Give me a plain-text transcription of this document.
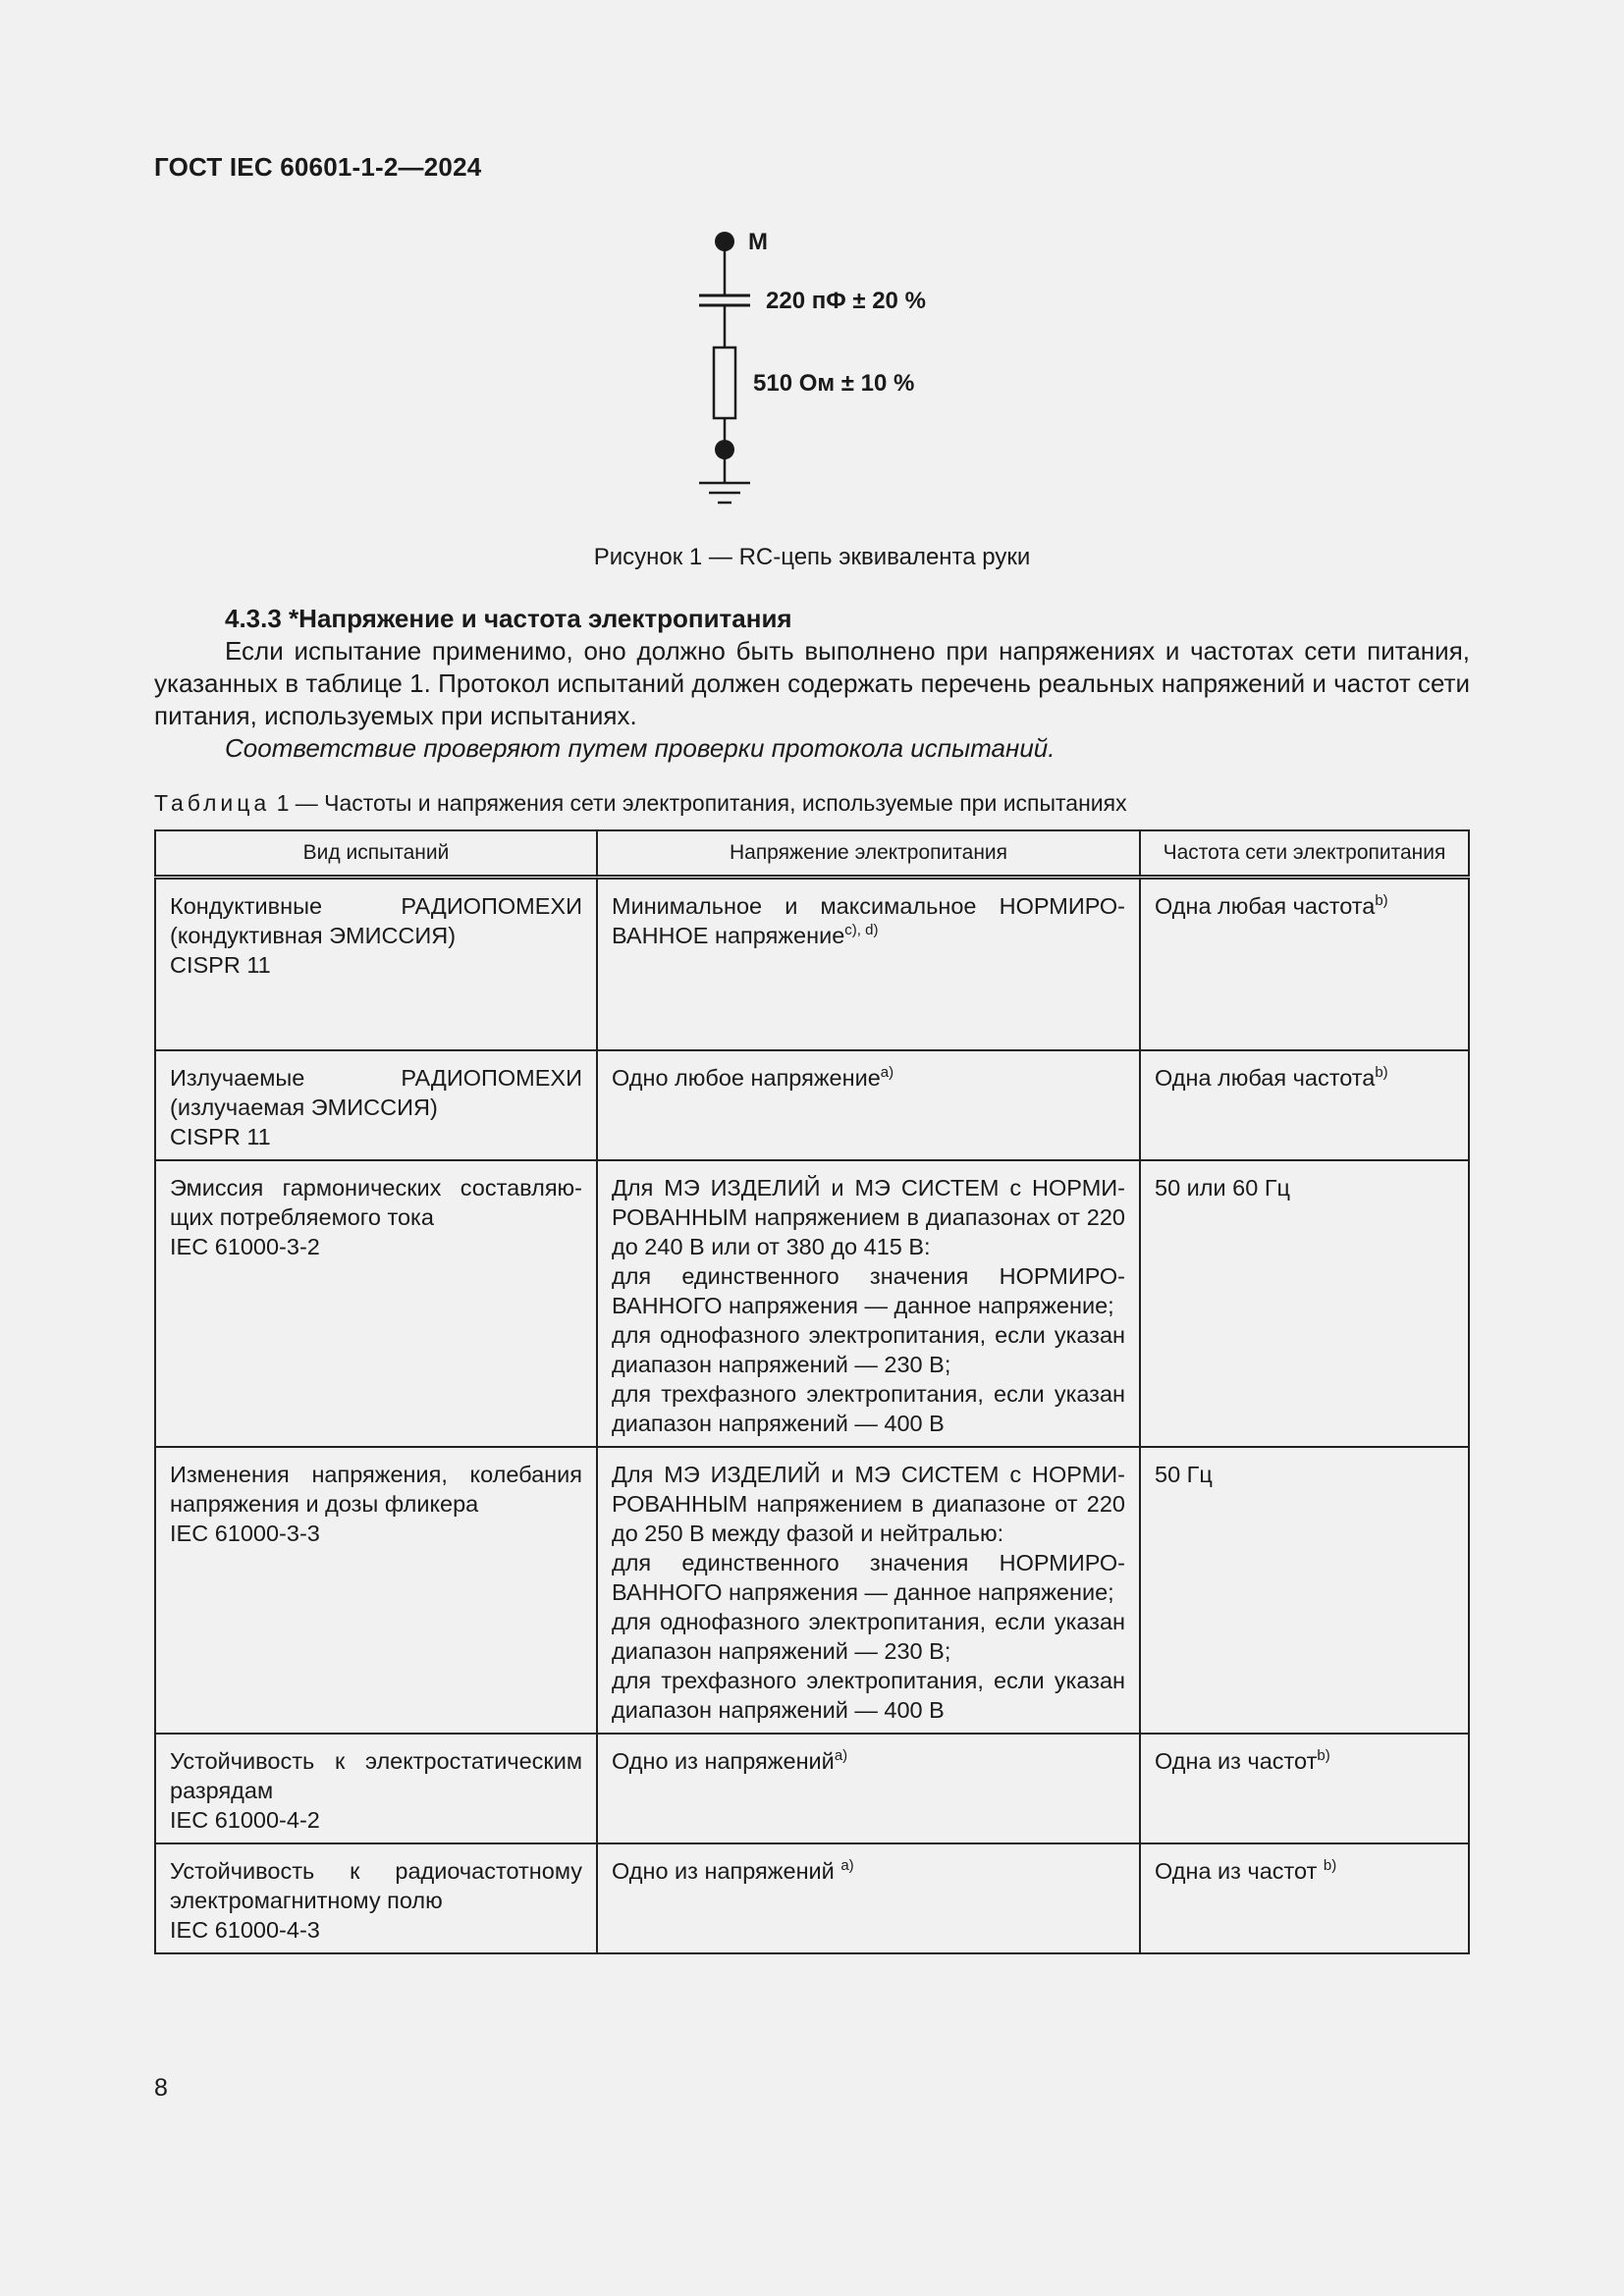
ГОСТ IEC 60601-1-2—2024
M
220 пФ ± 20 %
510 Ом ± 10 %
Рисунок 1 — RC-цепь эквивалента руки

4.3.3 *Напряжение и частота электропитания

Если испытание применимо, оно должно быть выполнено при напряжениях и частотах сети питания, указанных в таблице 1. Протокол испытаний должен содержать перечень реальных напряжений и частот сети питания, используемых при испытаниях.

Соответствие проверяют путем проверки протокола испытаний.

Таблица 1 — Частоты и напряжения сети электропитания, используемые при испытаниях
Вид испытаний	Напряжение электропитания	Частота сети электропитания

Кондуктивные РАДИОПОМЕХИ (кондуктивная ЭМИССИЯ)
CISPR 11	Минимальное и максимальное НОРМИРОВАННОЕ напряжение$^{c), d)}$	Одна любая частота$^{b)}$

Излучаемые РАДИОПОМЕХИ (излучаемая ЭМИССИЯ)
CISPR 11	Одно любое напряжение$^{a)}$	Одна любая частота$^{b)}$

Эмиссия гармонических составляющих потребляемого тока
IEC 61000-3-2	Для МЭ ИЗДЕЛИЙ и МЭ СИСТЕМ с НОРМИРОВАННЫМ напряжением в диапазонах от 220 до 240 В или от 380 до 415 В:
для единственного значения НОРМИРОВАННОГО напряжения — данное напряжение;
для однофазного электропитания, если указан диапазон напряжений — 230 В;
для трехфазного электропитания, если указан диапазон напряжений — 400 В	50 или 60 Гц

Изменения напряжения, колебания напряжения и дозы фликера
IEC 61000-3-3	Для МЭ ИЗДЕЛИЙ и МЭ СИСТЕМ с НОРМИРОВАННЫМ напряжением в диапазоне от 220 до 250 В между фазой и нейтралью:
для единственного значения НОРМИРОВАННОГО напряжения — данное напряжение;
для однофазного электропитания, если указан диапазон напряжений — 230 В;
для трехфазного электропитания, если указан диапазон напряжений — 400 В	50 Гц

Устойчивость к электростатическим разрядам
IEC 61000-4-2	Одно из напряжений$^{a)}$	Одна из частот$^{b)}$

Устойчивость к радиочастотному электромагнитному полю
IEC 61000-4-3	Одно из напряжений $^{a)}$	Одна из частот $^{b)}$
8
